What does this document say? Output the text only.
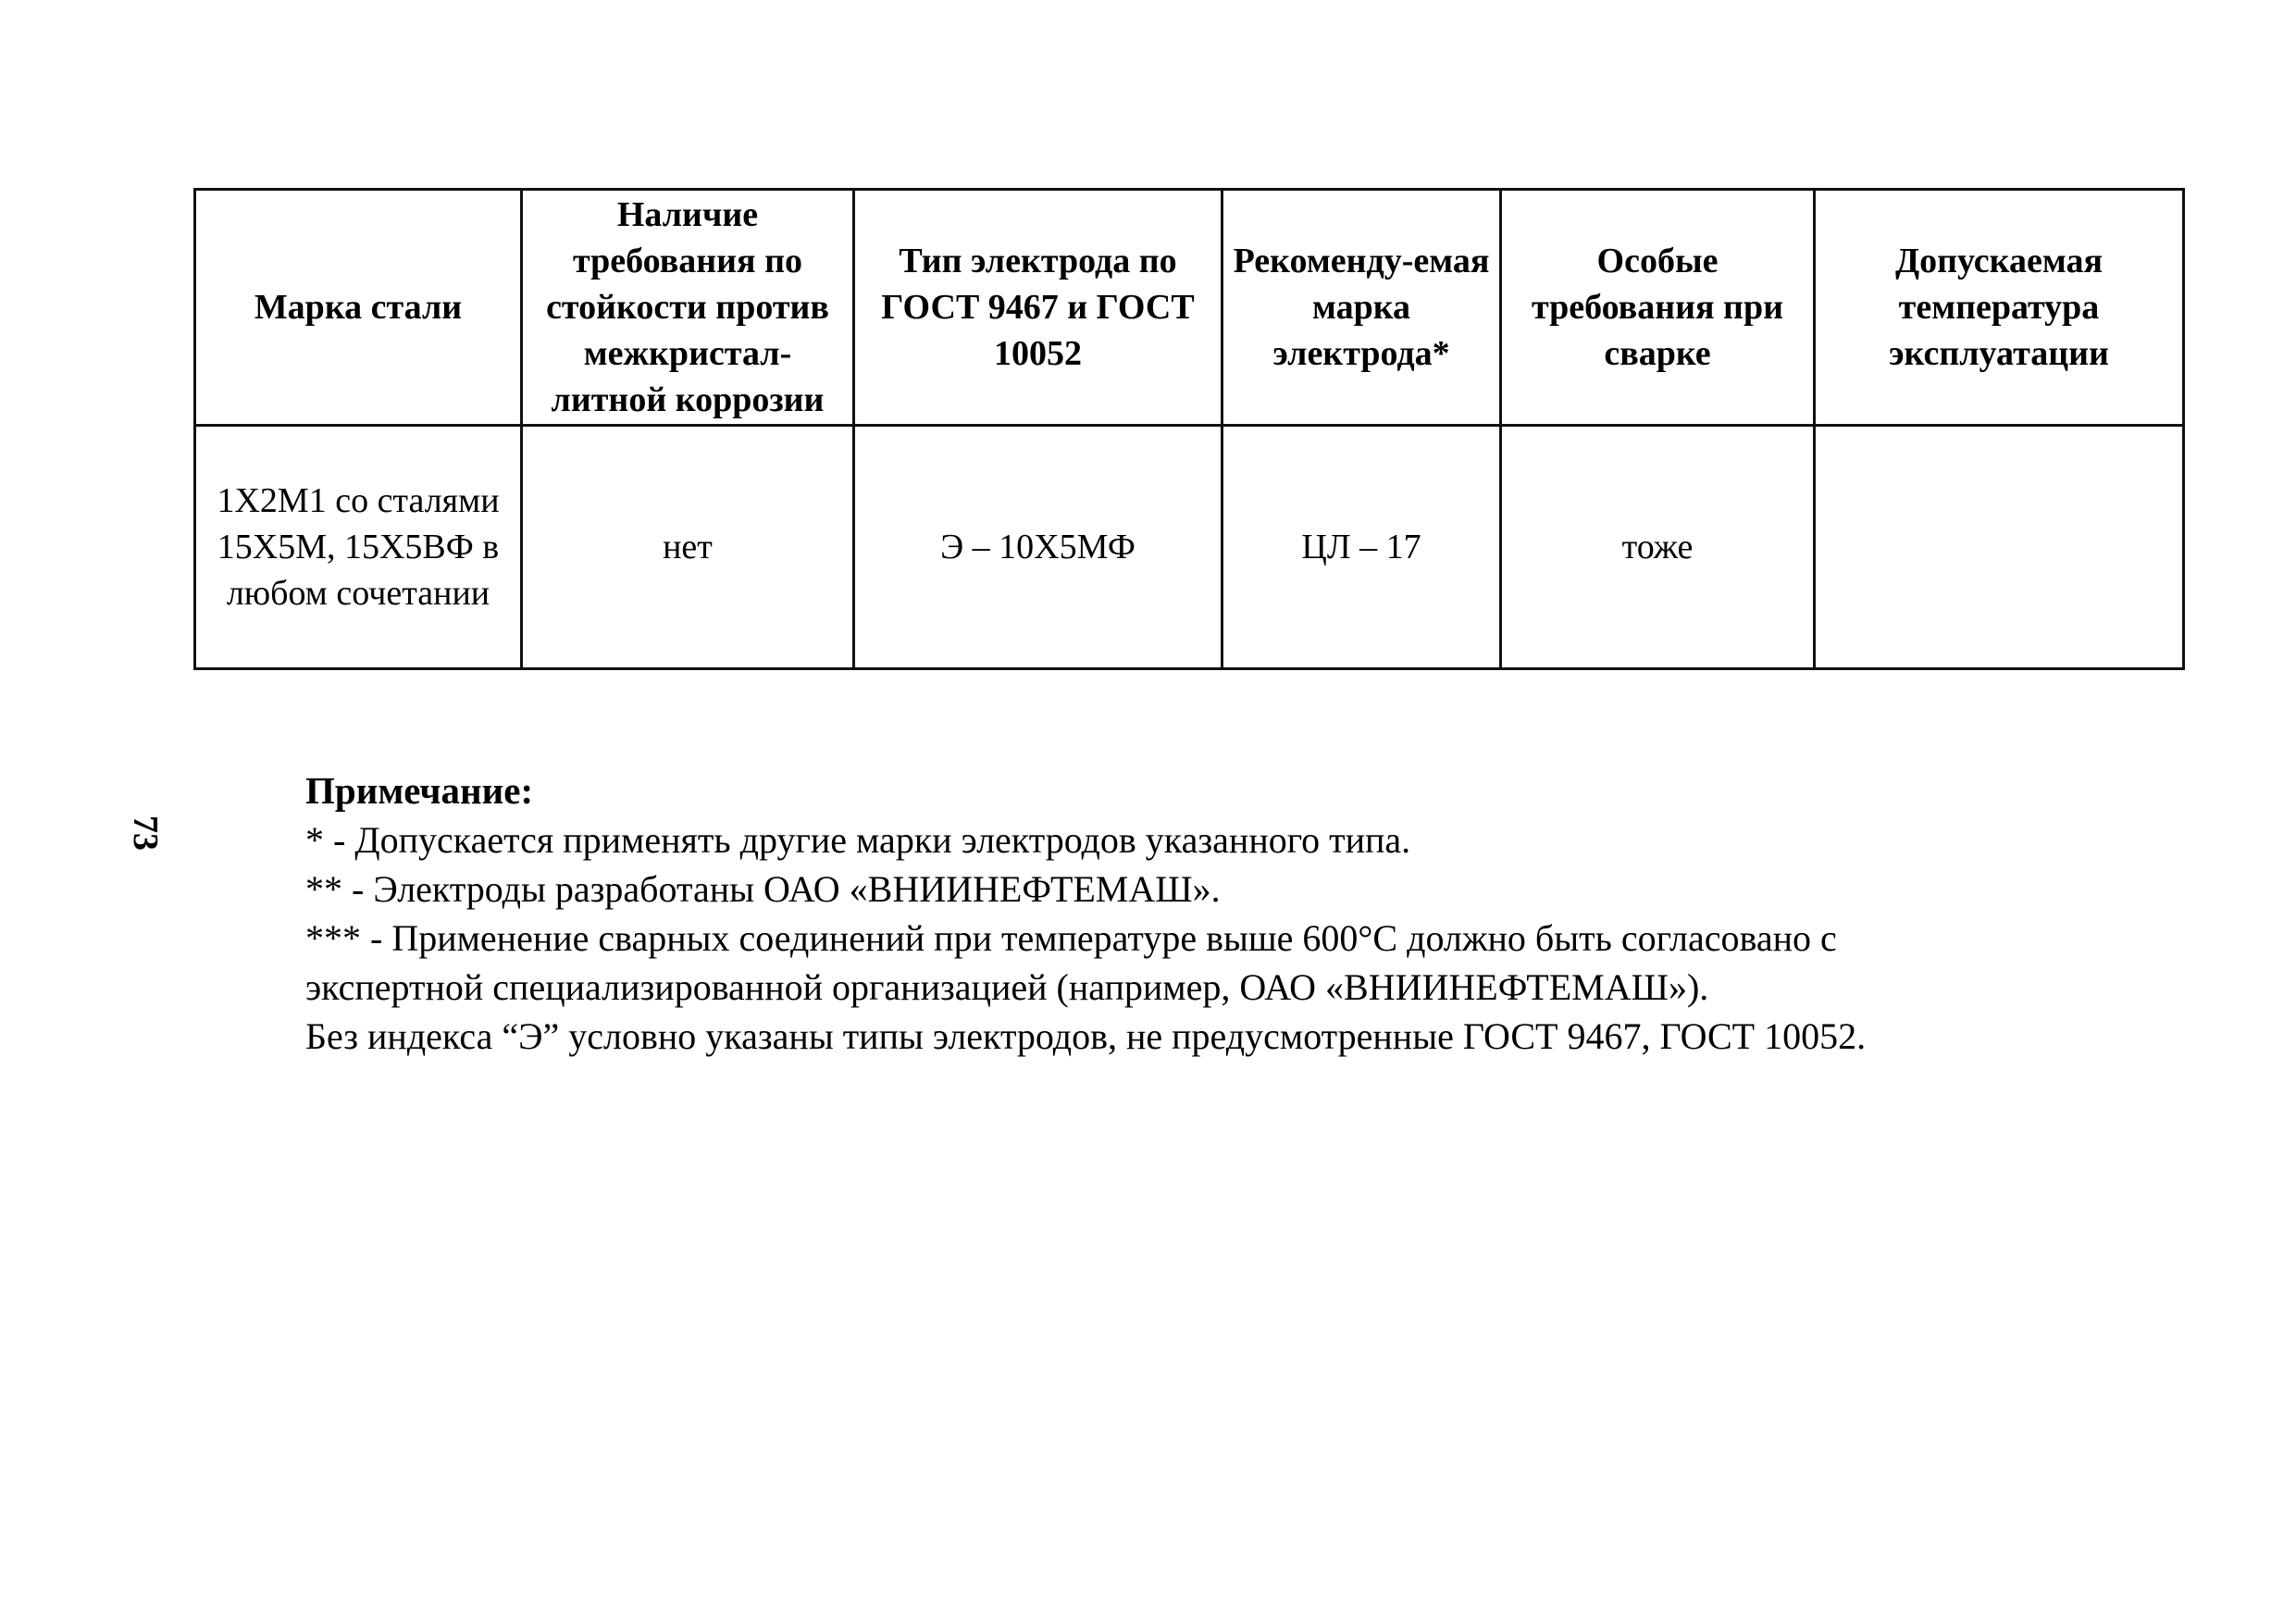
73
Марка стали	Наличие требования по стойкости против межкристал-литной коррозии	Тип электрода по ГОСТ 9467 и ГОСТ 10052	Рекоменду-емая марка электрода*	Особые требования при сварке	Допускаемая температура эксплуатации
1Х2М1 со сталями 15Х5М, 15Х5ВФ в любом сочетании	нет	Э – 10Х5МФ	ЦЛ – 17	тоже	
Примечание:
* - Допускается применять другие марки электродов указанного типа.
** - Электроды разработаны ОАО «ВНИИНЕФТЕМАШ».
*** - Применение сварных соединений при температуре выше 600°С должно быть согласовано с
экспертной специализированной организацией (например, ОАО «ВНИИНЕФТЕМАШ»).
Без индекса “Э” условно указаны типы электродов, не предусмотренные ГОСТ 9467, ГОСТ 10052.
